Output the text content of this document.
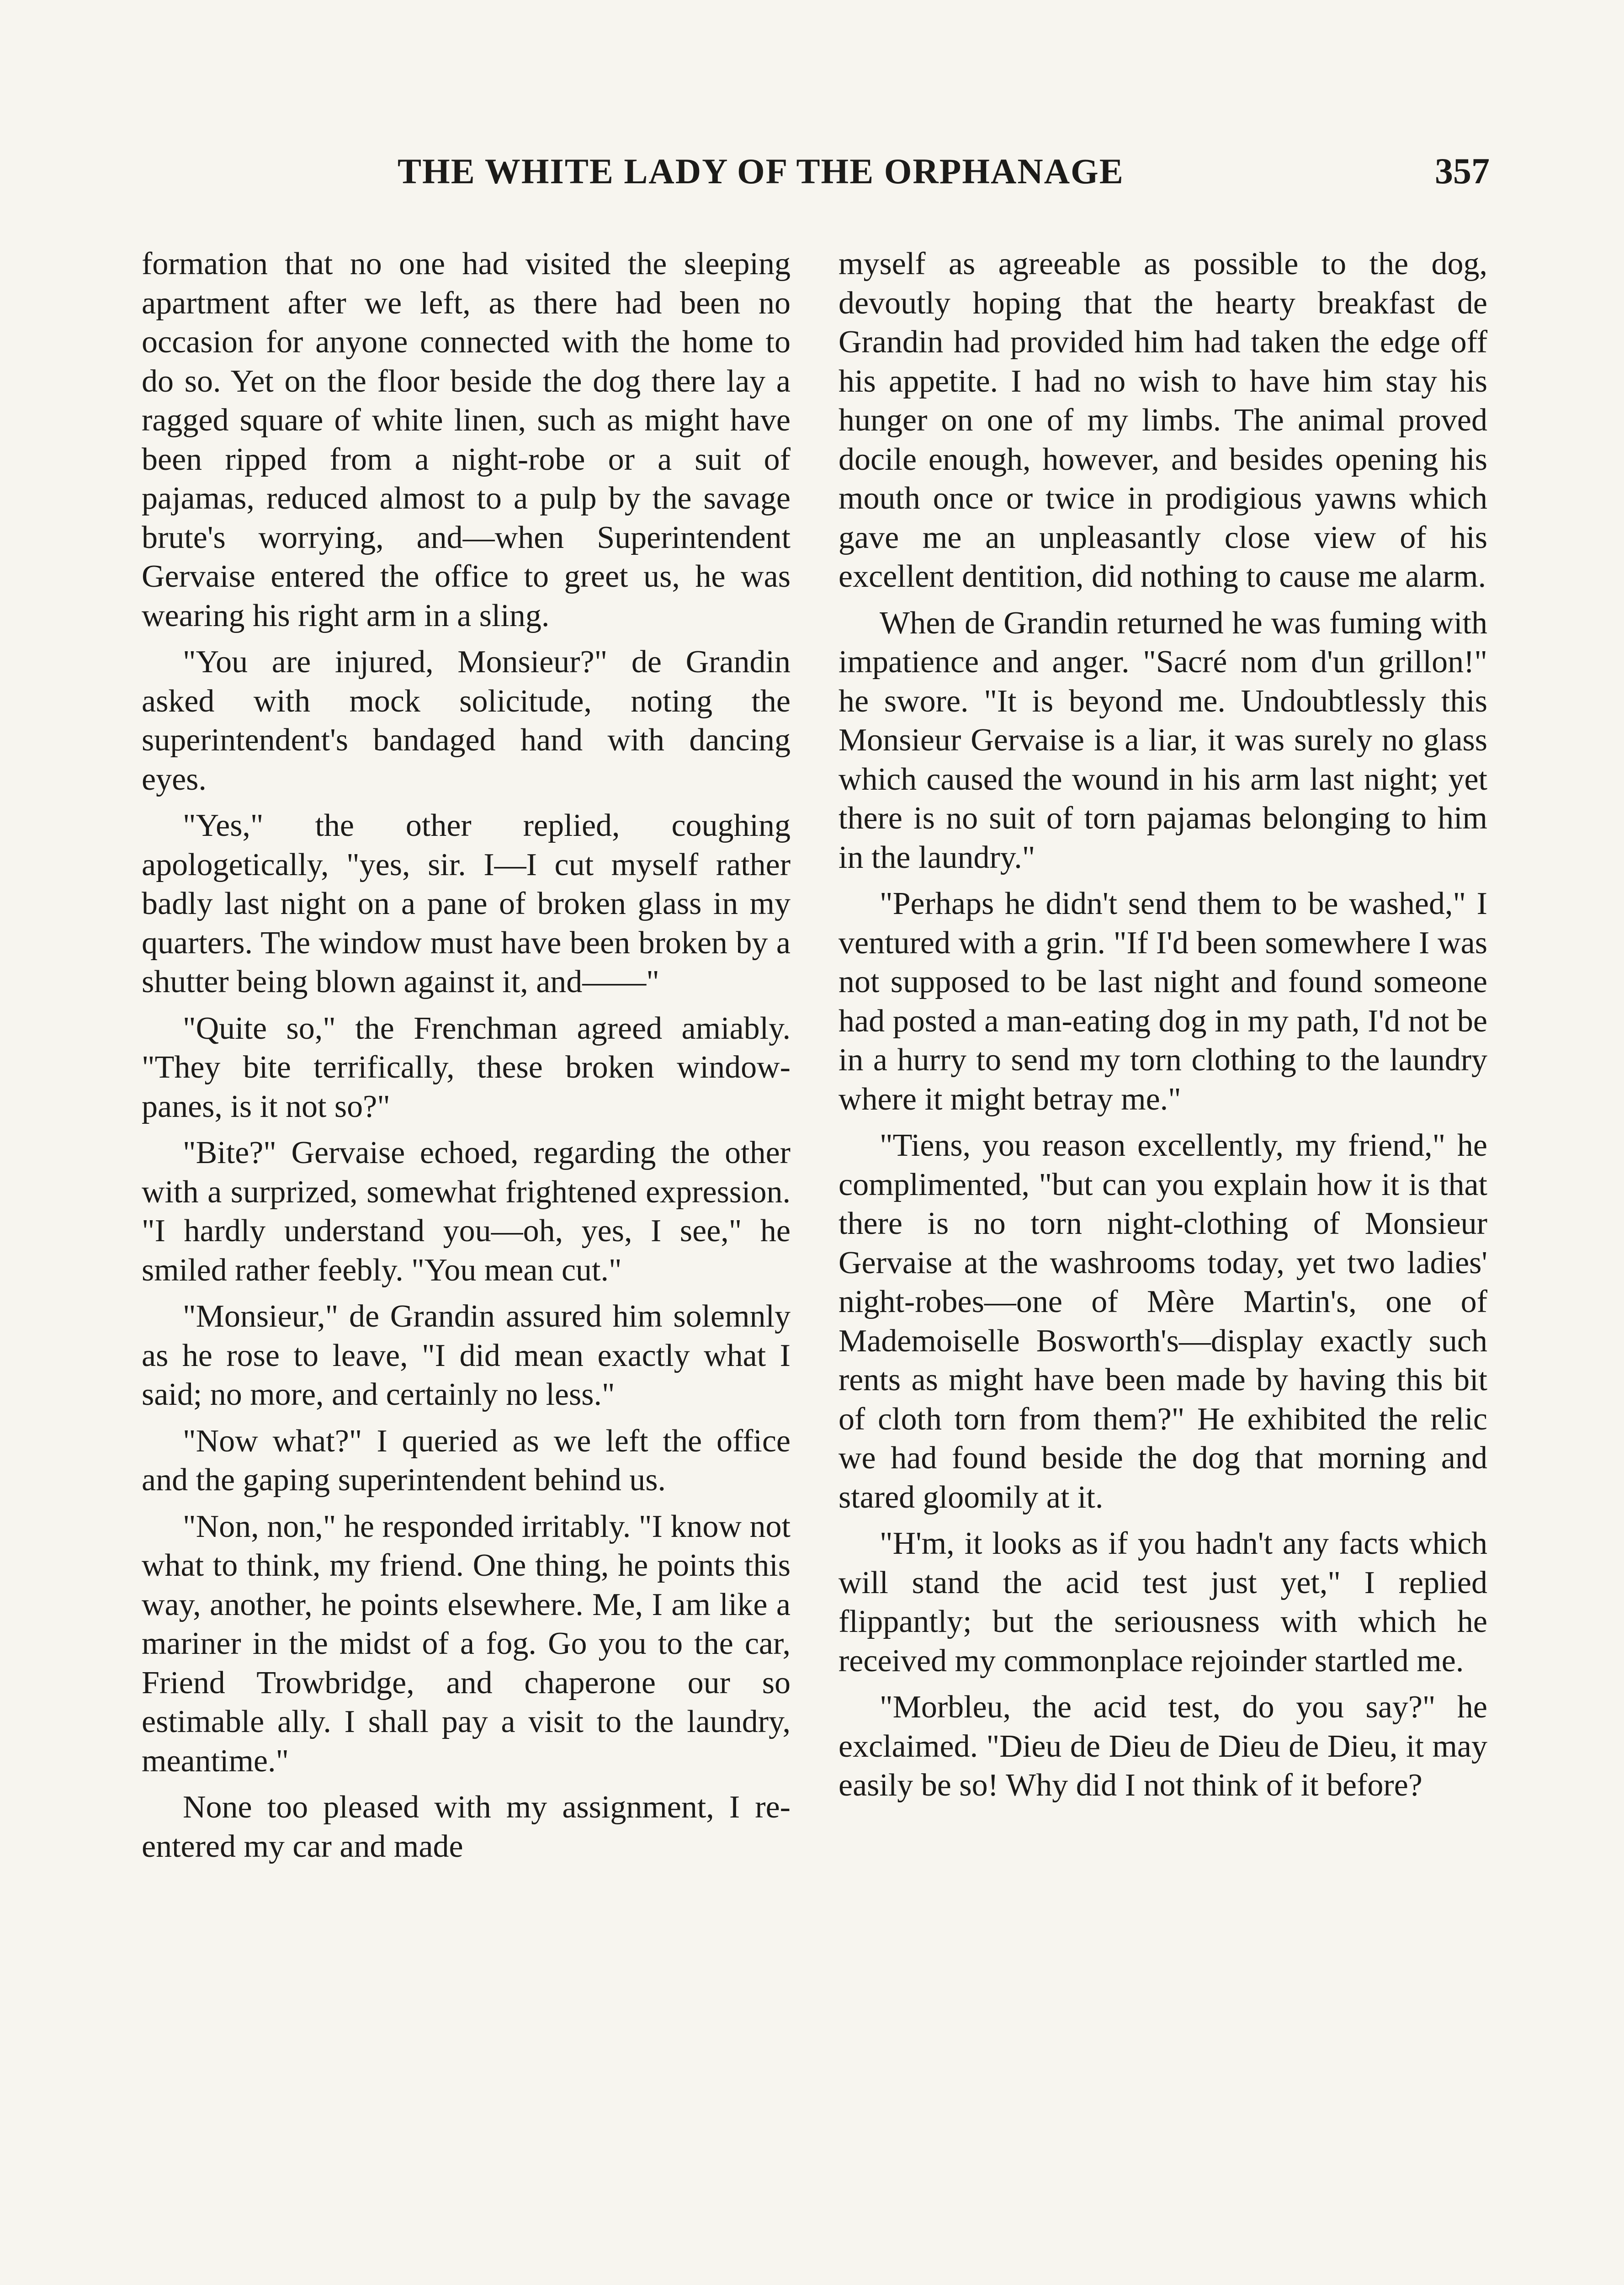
THE WHITE LADY OF THE ORPHANAGE	357

formation that no one had visited the sleeping apartment after we left, as there had been no occasion for anyone connected with the home to do so. Yet on the floor beside the dog there lay a ragged square of white linen, such as might have been ripped from a night-robe or a suit of pajamas, reduced almost to a pulp by the savage brute's worrying, and—when Superintendent Gervaise entered the office to greet us, he was wearing his right arm in a sling.

"You are injured, Monsieur?" de Grandin asked with mock solicitude, noting the superintendent's bandaged hand with dancing eyes.

"Yes," the other replied, coughing apologetically, "yes, sir. I—I cut myself rather badly last night on a pane of broken glass in my quarters. The window must have been broken by a shutter being blown against it, and——"

"Quite so," the Frenchman agreed amiably. "They bite terrifically, these broken window-panes, is it not so?"

"Bite?" Gervaise echoed, regarding the other with a surprized, somewhat frightened expression. "I hardly understand you—oh, yes, I see," he smiled rather feebly. "You mean cut."

"Monsieur," de Grandin assured him solemnly as he rose to leave, "I did mean exactly what I said; no more, and certainly no less."

"Now what?" I queried as we left the office and the gaping superintendent behind us.

"Non, non," he responded irritably. "I know not what to think, my friend. One thing, he points this way, another, he points elsewhere. Me, I am like a mariner in the midst of a fog. Go you to the car, Friend Trowbridge, and chaperone our so estimable ally. I shall pay a visit to the laundry, meantime."

None too pleased with my assignment, I re-entered my car and made

myself as agreeable as possible to the dog, devoutly hoping that the hearty breakfast de Grandin had provided him had taken the edge off his appetite. I had no wish to have him stay his hunger on one of my limbs. The animal proved docile enough, however, and besides opening his mouth once or twice in prodigious yawns which gave me an unpleasantly close view of his excellent dentition, did nothing to cause me alarm.

When de Grandin returned he was fuming with impatience and anger. "Sacré nom d'un grillon!" he swore. "It is beyond me. Undoubtlessly this Monsieur Gervaise is a liar, it was surely no glass which caused the wound in his arm last night; yet there is no suit of torn pajamas belonging to him in the laundry."

"Perhaps he didn't send them to be washed," I ventured with a grin. "If I'd been somewhere I was not supposed to be last night and found someone had posted a man-eating dog in my path, I'd not be in a hurry to send my torn clothing to the laundry where it might betray me."

"Tiens, you reason excellently, my friend," he complimented, "but can you explain how it is that there is no torn night-clothing of Monsieur Gervaise at the washrooms today, yet two ladies' night-robes—one of Mère Martin's, one of Mademoiselle Bosworth's—display exactly such rents as might have been made by having this bit of cloth torn from them?" He exhibited the relic we had found beside the dog that morning and stared gloomily at it.

"H'm, it looks as if you hadn't any facts which will stand the acid test just yet," I replied flippantly; but the seriousness with which he received my commonplace rejoinder startled me.

"Morbleu, the acid test, do you say?" he exclaimed. "Dieu de Dieu de Dieu de Dieu, it may easily be so! Why did I not think of it before?
